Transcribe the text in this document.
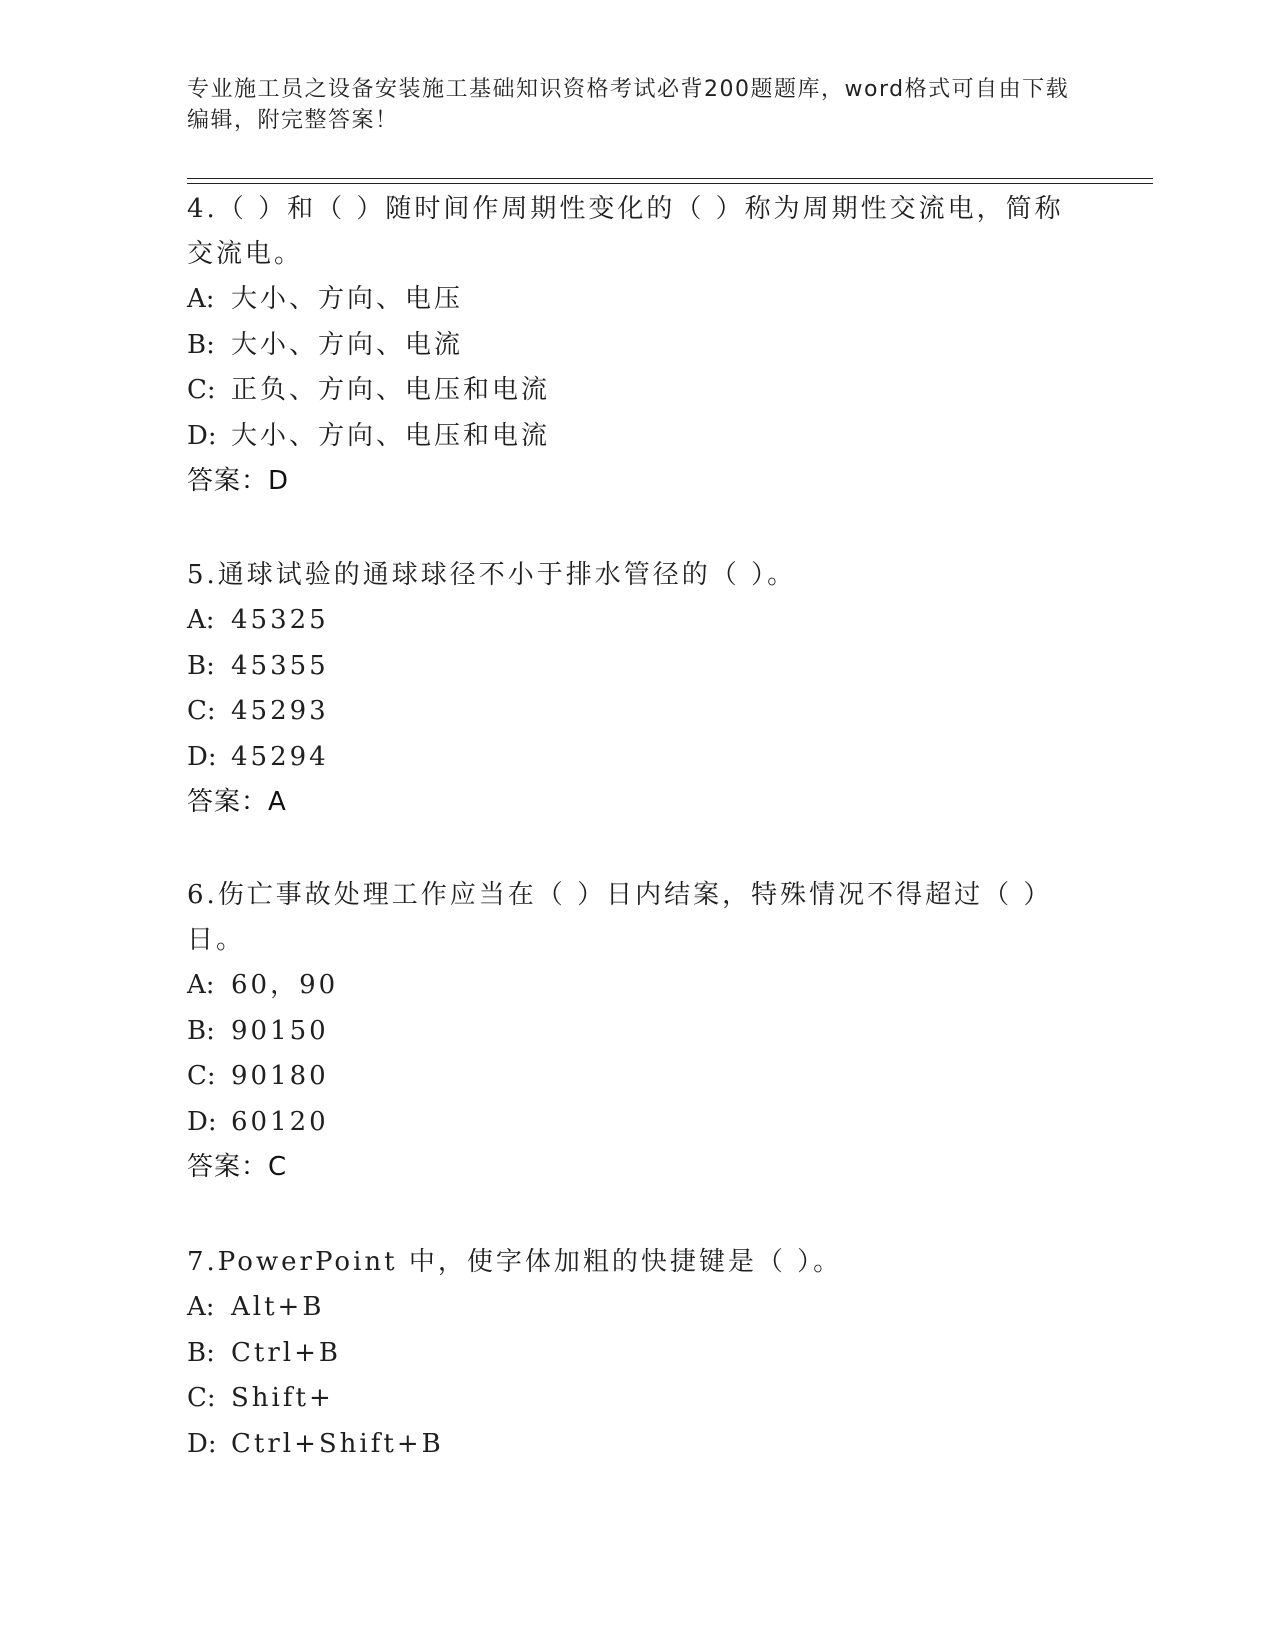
专业施工员之设备安装施工基础知识资格考试必背200题题库，word格式可自由下载编辑，附完整答案！

4.（ ）和（ ）随时间作周期性变化的（ ）称为周期性交流电，简称交流电。

A: 大小、方向、电压

B: 大小、方向、电流

C: 正负、方向、电压和电流

D: 大小、方向、电压和电流

答案：D

5.通球试验的通球球径不小于排水管径的（ ）。

A: 45325

B: 45355

C: 45293

D: 45294

答案：A

6.伤亡事故处理工作应当在（ ）日内结案，特殊情况不得超过（ ）日。

A: 60，90

B: 90150

C: 90180

D: 60120

答案：C

7.PowerPoint 中，使字体加粗的快捷键是（ ）。

A: Alt+B

B: Ctrl+B

C: Shift+

D: Ctrl+Shift+B
